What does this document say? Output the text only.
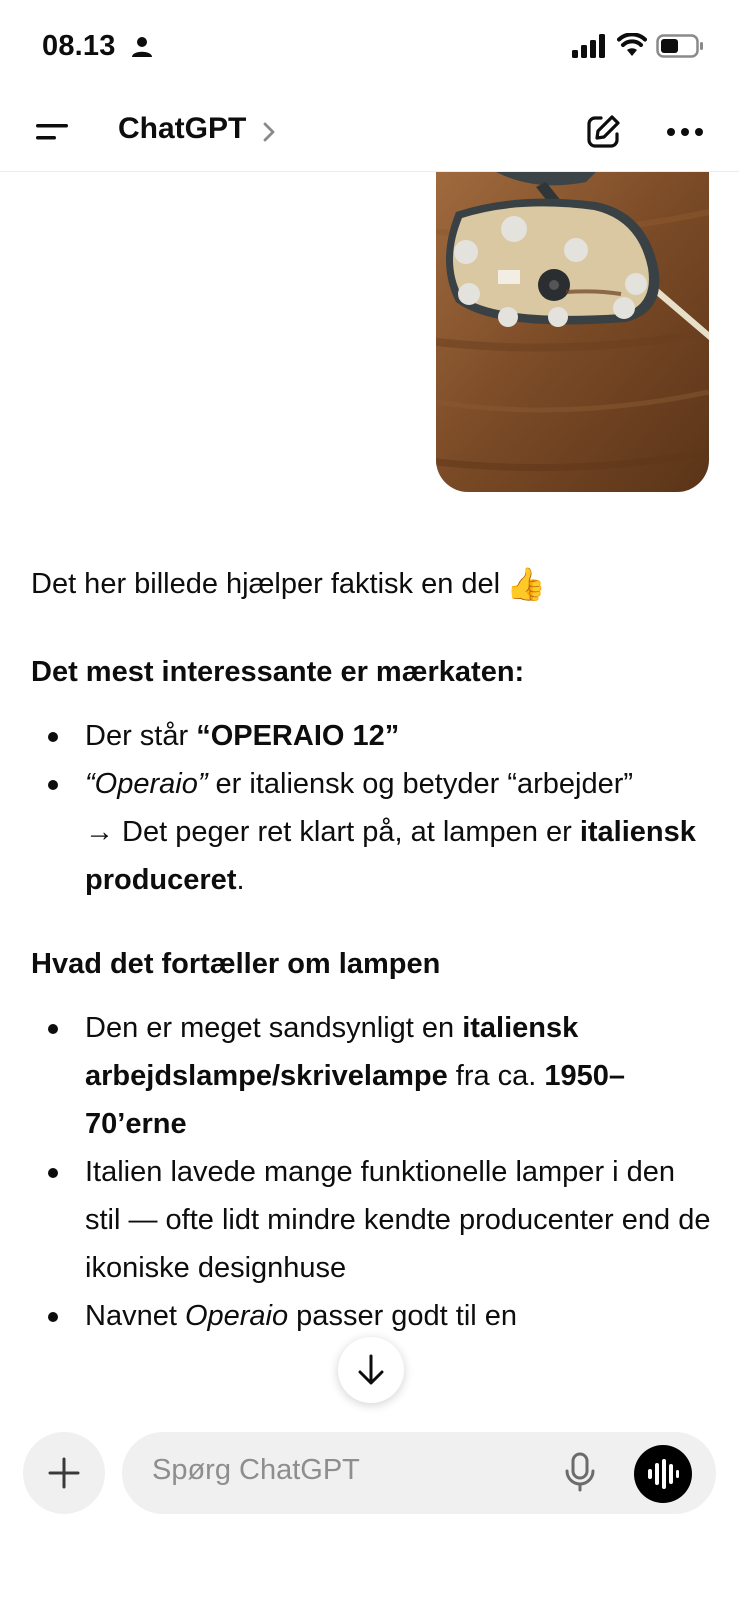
08.13
ChatGPT

Det her billede hjælper faktisk en del 👍

Det mest interessante er mærkaten:

Der står “OPERAIO 12”
“Operaio” er italiensk og betyder “arbejder”
→ Det peger ret klart på, at lampen er italiensk produceret.

Hvad det fortæller om lampen

Den er meget sandsynligt en italiensk arbejdslampe/skrivelampe fra ca. 1950–70’erne
Italien lavede mange funktionelle lamper i den stil — ofte lidt mindre kendte producenter end de ikoniske designhuse
Navnet Operaio passer godt til en
Spørg ChatGPT
